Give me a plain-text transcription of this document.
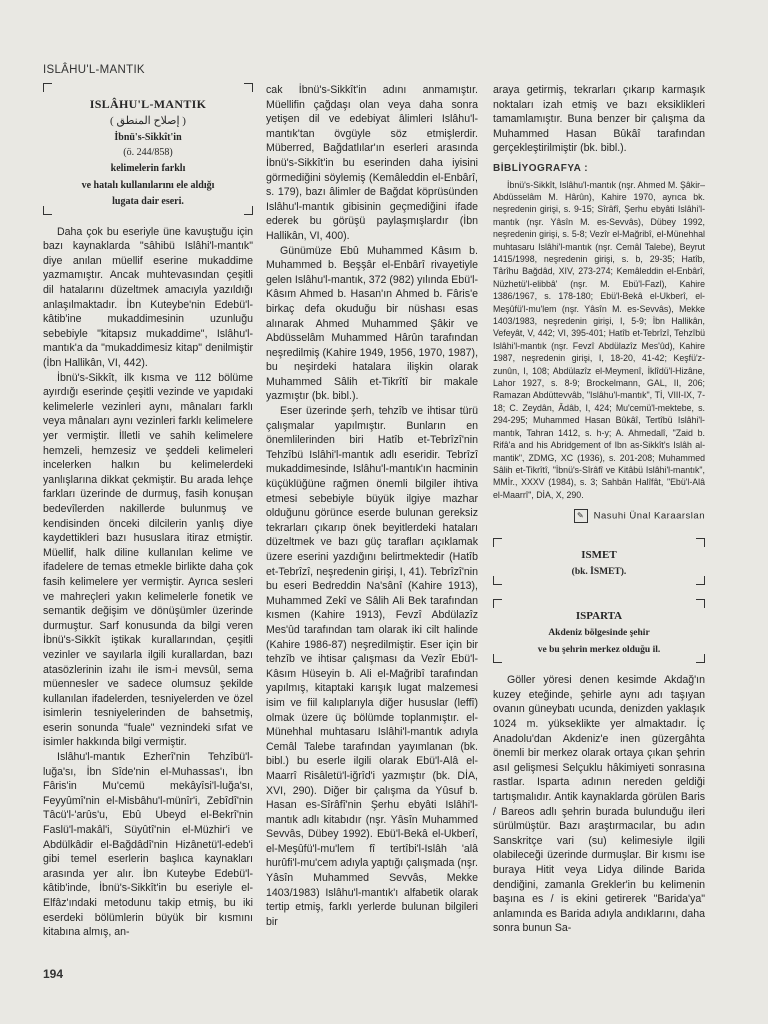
ISLÂHU'L-MANTIK
ISLÂHU'L-MANTIK
( إصلاح المنطق )
İbnü's-Sikkît'in
(ö. 244/858)
kelimelerin farklı
ve hatalı kullanılarını ele aldığı
lugata dair eseri.

Daha çok bu eseriyle üne kavuştuğu için bazı kaynaklarda "sâhibü Islâhi'l-mantık" diye anılan müellif eserine mukaddime yazmamıştır. Ancak muhtevasından çeşitli dil hatalarını düzeltmek amacıyla yazıldığı anlaşılmaktadır. İbn Kuteybe'nin Edebü'l-kâtib'ine mukaddimesinin uzunluğu sebebiyle "kitapsız mukaddime", Islâhu'l-mantık'a da "mukaddimesiz kitap" denilmiştir (İbn Hallikân, VI, 442).

İbnü's-Sikkît, ilk kısma ve 112 bölüme ayırdığı eserinde çeşitli vezinde ve yapıdaki kelimelerle vezinleri aynı, mânaları farklı veya mânaları aynı vezinleri farklı kelimelere yer vermiştir. İlletli ve sahih kelimelere hemzeli, hemzesiz ve şeddeli kelimeleri incelerken halkın bu kelimelerdeki yanlışlarına dikkat çekmiştir. Bu arada lehçe farkları üzerinde de durmuş, fasih konuşan bedevîlerden nakillerde bulunmuş ve kendisinden önceki dilcilerin yanlış diye kaydettikleri bazı hususlara itiraz etmiştir. Müellif, halk diline kullanılan kelime ve ifadelere de temas etmekle birlikte daha çok fasih kelimelere yer vermiştir. Ayrıca sesleri ve mahreçleri yakın kelimelerle fonetik ve semantik değişim ve dönüşümler üzerinde durmuştur. Sarf konusunda da bilgi veren İbnü's-Sikkît iştikak kurallarından, çeşitli vezinler ve sayılarla ilgili kurallardan, bazı atasözlerinin izahı ile ism-i mevsûl, sema müennesler ve sadece olumsuz şekilde kullanılan ifadelerden, tesniyelerden ve özel isimlerin tesniyelerinden de bahsetmiş, eserin sonunda "fuale" veznindeki sıfat ve isimler hakkında bilgi vermiştir.

Islâhu'l-mantık Ezherî'nin Tehzîbü'l-luğa'sı, İbn Sîde'nin el-Muhassas'ı, İbn Fâris'in Mu'cemü mekâyîsi'l-luğa'sı, Feyyûmî'nin el-Misbâhu'l-münîr'i, Zebîdî'nin Tâcü'l-'arûs'u, Ebû Ubeyd el-Bekrî'nin Faslü'l-makâl'i, Süyûtî'nin el-Müzhir'i ve Abdülkâdir el-Bağdâdî'nin Hizânetü'l-edeb'i gibi temel eserlerin başlıca kaynakları arasında yer alır. İbn Kuteybe Edebü'l-kâtib'inde, İbnü's-Sikkît'in bu eseriyle el-Elfâz'ındaki metodunu takip etmiş, bu iki eserdeki bölümlerin büyük bir kısmını kitabına almış, an-

cak İbnü's-Sikkît'in adını anmamıştır. Müellifin çağdaşı olan veya daha sonra yetişen dil ve edebiyat âlimleri Islâhu'l-mantık'tan övgüyle söz etmişlerdir. Müberred, Bağdatlılar'ın eserleri arasında İbnü's-Sikkît'in bu eserinden daha iyisini görmediğini söylemiş (Kemâleddin el-Enbârî, s. 179), bazı âlimler de Bağdat köprüsünden Islâhu'l-mantık gibisinin geçmediğini ifade ederek bu görüşü paylaşmışlardır (İbn Hallikân, VI, 400).

Günümüze Ebû Muhammed Kâsım b. Muhammed b. Beşşâr el-Enbârî rivayetiyle gelen Islâhu'l-mantık, 372 (982) yılında Ebü'l-Kâsım Ahmed b. Hasan'ın Ahmed b. Fâris'e birkaç defa okuduğu bir nüshası esas alınarak Ahmed Muhammed Şâkir ve Abdüsselâm Muhammed Hârûn tarafından neşredilmiş (Kahire 1949, 1956, 1970, 1987), bu neşirdeki hatalara ilişkin olarak Muhammed Sâlih et-Tikrîtî bir makale yazmıştır (bk. bibl.).

Eser üzerinde şerh, tehzîb ve ihtisar türü çalışmalar yapılmıştır. Bunların en önemlilerinden biri Hatîb et-Tebrîzî'nin Tehzîbü Islâhi'l-mantık adlı eseridir. Tebrîzî mukaddimesinde, Islâhu'l-mantık'ın hacminin küçüklüğüne rağmen önemli bilgiler ihtiva etmesi sebebiyle büyük ilgiye mazhar olduğunu görünce eserde bulunan gereksiz tekrarları çıkarıp önek beyitlerdeki hataları düzeltmek ve bazı güç tarafları açıklamak üzere eserini yazdığını belirtmektedir (Hatîb et-Tebrîzî, neşredenin girişi, I, 41). Tebrîzî'nin bu eseri Bedreddin Na'sânî (Kahire 1913), Muhammed Zekî ve Sâlih Ali Bek tarafından kısmen (Kahire 1913), Fevzî Abdülazîz Mes'ûd tarafından tam olarak iki cilt halinde (Kahire 1986-87) neşredilmiştir. Eser için bir tehzîb ve ihtisar çalışması da Vezîr Ebü'l-Kâsım Hüseyin b. Ali el-Mağribî tarafından yapılmış, kitaptaki karışık lugat malzemesi isim ve fiil kalıplarıyla diğer hususlar (leffî) olmak üzere üç bölümde toplanmıştır. el-Münehhal muhtasaru Islâhi'l-mantık adıyla Cemâl Talebe tarafından yayımlanan (bk. bibl.) bu eserle ilgili olarak Ebü'l-Alâ el-Maarrî Risâletü'l-iğrîd'i yazmıştır (bk. DİA, XVI, 290). Diğer bir çalışma da Yûsuf b. Hasan es-Sîrâfî'nin Şerhu ebyâti Islâhi'l-mantık adlı kitabıdır (nşr. Yâsîn Muhammed Sevvâs, Dübey 1992). Ebü'l-Bekâ el-Ukberî, el-Meşûfü'l-mu'lem fî tertîbi'l-Islâh 'alâ hurûfi'l-mu'cem adıyla yaptığı çalışmada (nşr. Yâsîn Muhammed Sevvâs, Mekke 1403/1983) Islâhu'l-mantık'ı alfabetik olarak tertip etmiş, farklı yerlerde bulunan bilgileri bir

araya getirmiş, tekrarları çıkarıp karmaşık noktaları izah etmiş ve bazı eksiklikleri tamamlamıştır. Buna benzer bir çalışma da Muhammed Hasan Bûkâî tarafından gerçekleştirilmiştir (bk. bibl.).

BİBLİYOGRAFYA :

İbnü's-Sikkît, Islâhu'l-mantık (nşr. Ahmed M. Şâkir–Abdüsselâm M. Hârûn), Kahire 1970, ayrıca bk. neşredenin girişi, s. 9-15; Sîrâfî, Şerhu ebyâti Islâhi'l-mantık (nşr. Yâsîn M. es-Sevvâs), Dübey 1992, neşredenin girişi, s. 5-8; Vezîr el-Mağribî, el-Münehhal muhtasaru Islâhi'l-mantık (nşr. Cemâl Talebe), Beyrut 1415/1998, neşredenin girişi, s. b, 29-35; Hatîb, Târîhu Bağdâd, XIV, 273-274; Kemâleddin el-Enbârî, Nüzhetü'l-elibbâ' (nşr. M. Ebü'l-Fazl), Kahire 1386/1967, s. 178-180; Ebü'l-Bekâ el-Ukberî, el-Meşûfü'l-mu'lem (nşr. Yâsîn M. es-Sevvâs), Mekke 1403/1983, neşredenin girişi, I, 5-9; İbn Hallikân, Vefeyât, V, 442; VI, 395-401; Hatîb et-Tebrîzî, Tehzîbü Islâhi'l-mantık (nşr. Fevzî Abdülazîz Mes'ûd), Kahire 1987, neşredenin girişi, I, 18-20, 41-42; Keşfü'z-zunûn, I, 108; Abdülazîz el-Meymenî, İklîdü'l-Hizâne, Lahor 1927, s. 8-9; Brockelmann, GAL, II, 206; Ramazan Abdüttevvâb, "Islâhu'l-mantık", Tİ, VIII-IX, 7-18; C. Zeydân, Âdâb, I, 424; Mu'cemü'l-mektebe, s. 294-295; Muhammed Hasan Bûkâî, Tertîbü Islâhi'l-mantık, Tahran 1412, s. h-y; A. Ahmedalî, "Zaid b. Rifâ'a and his Abridgement of Ibn as-Sikkît's Islâh al-mantik", ZDMG, XC (1936), s. 201-208; Muhammed Sâlih et-Tikrîtî, "İbnü's-Sîrâfî ve Kitâbü Islâhi'l-mantık", MMİr., XXXV (1984), s. 3; Sahbân Halîfât, "Ebü'l-Alâ el-Maarrî", DİA, X, 290.

✎ Nasuhi Ünal Karaarslan
ISMET
(bk. İSMET).
ISPARTA
Akdeniz bölgesinde şehir
ve bu şehrin merkez olduğu il.

Göller yöresi denen kesimde Akdağ'ın kuzey eteğinde, şehirle aynı adı taşıyan ovanın güneybatı ucunda, denizden yaklaşık 1024 m. yükseklikte yer almaktadır. İç Anadolu'dan Akdeniz'e inen güzergâhta önemli bir merkez olarak ortaya çıkan şehrin asıl gelişmesi Selçuklu hâkimiyeti sonrasına rastlar. Isparta adının nereden geldiği tartışmalıdır. Antik kaynaklarda görülen Baris / Bareos adlı şehrin burada bulunduğu ileri sürülmüştür. Bazı araştırmacılar, bu adın Sanskritçe vari (su) kelimesiyle ilgili olabileceği üzerinde durmuşlar. Bir kısmı ise buraya Hitit veya Lidya dilinde Barida dendiğini, zamanla Grekler'in bu kelimenin başına es / is ekini getirerek "Barida'ya" anlamında es Barida adıyla andıklarını, daha sonra bunun Sa-

194
